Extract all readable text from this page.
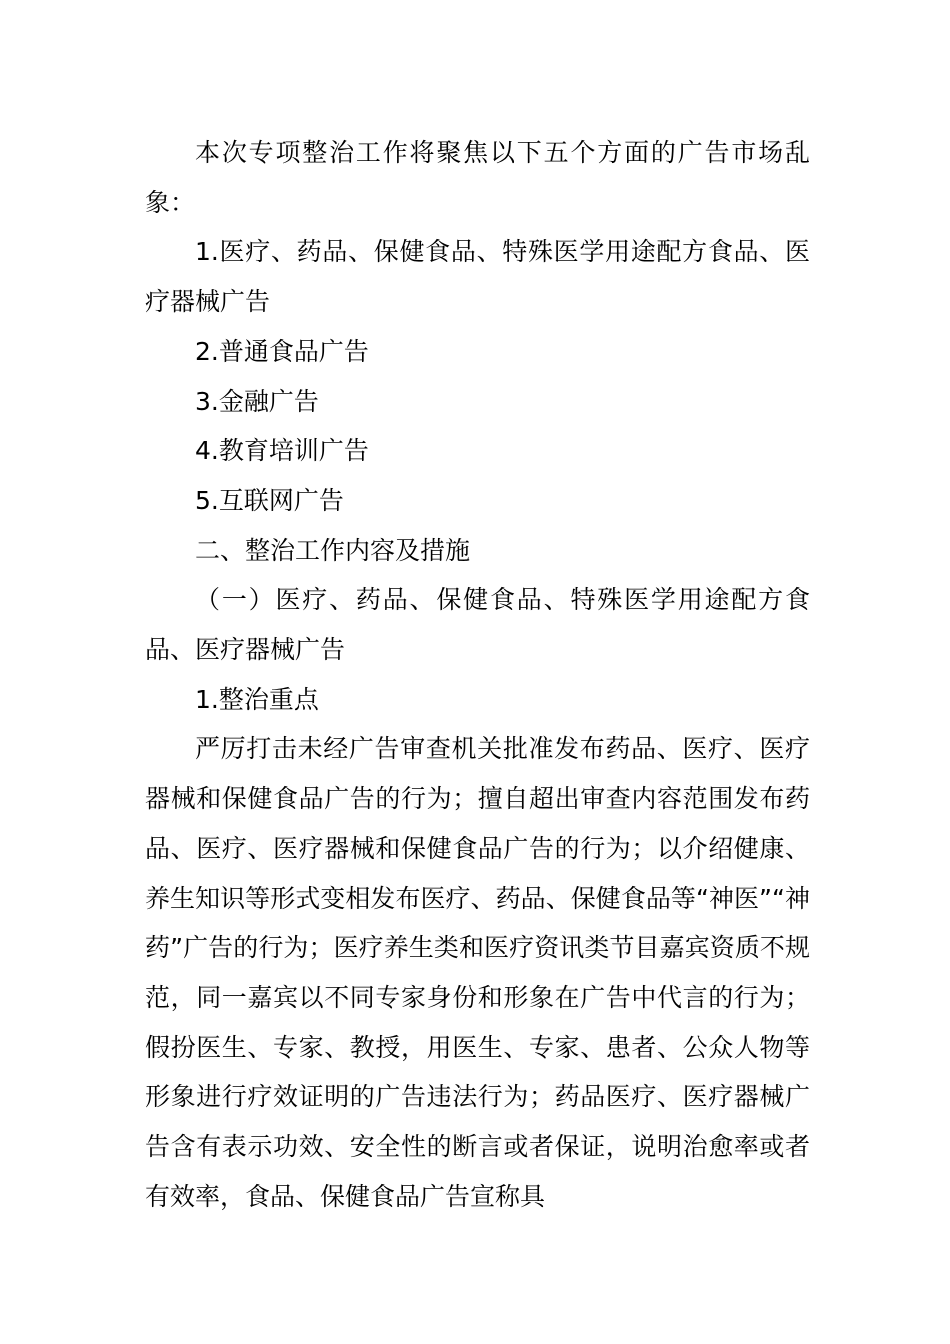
本次专项整治工作将聚焦以下五个方面的广告市场乱象：

1.医疗、药品、保健食品、特殊医学用途配方食品、医疗器械广告

2.普通食品广告

3.金融广告

4.教育培训广告

5.互联网广告

二、整治工作内容及措施

（一）医疗、药品、保健食品、特殊医学用途配方食品、医疗器械广告

1.整治重点

严厉打击未经广告审查机关批准发布药品、医疗、医疗器械和保健食品广告的行为；擅自超出审查内容范围发布药品、医疗、医疗器械和保健食品广告的行为；以介绍健康、养生知识等形式变相发布医疗、药品、保健食品等“神医”“神药”广告的行为；医疗养生类和医疗资讯类节目嘉宾资质不规范，同一嘉宾以不同专家身份和形象在广告中代言的行为；假扮医生、专家、教授，用医生、专家、患者、公众人物等形象进行疗效证明的广告违法行为；药品医疗、医疗器械广告含有表示功效、安全性的断言或者保证，说明治愈率或者有效率，食品、保健食品广告宣称具
